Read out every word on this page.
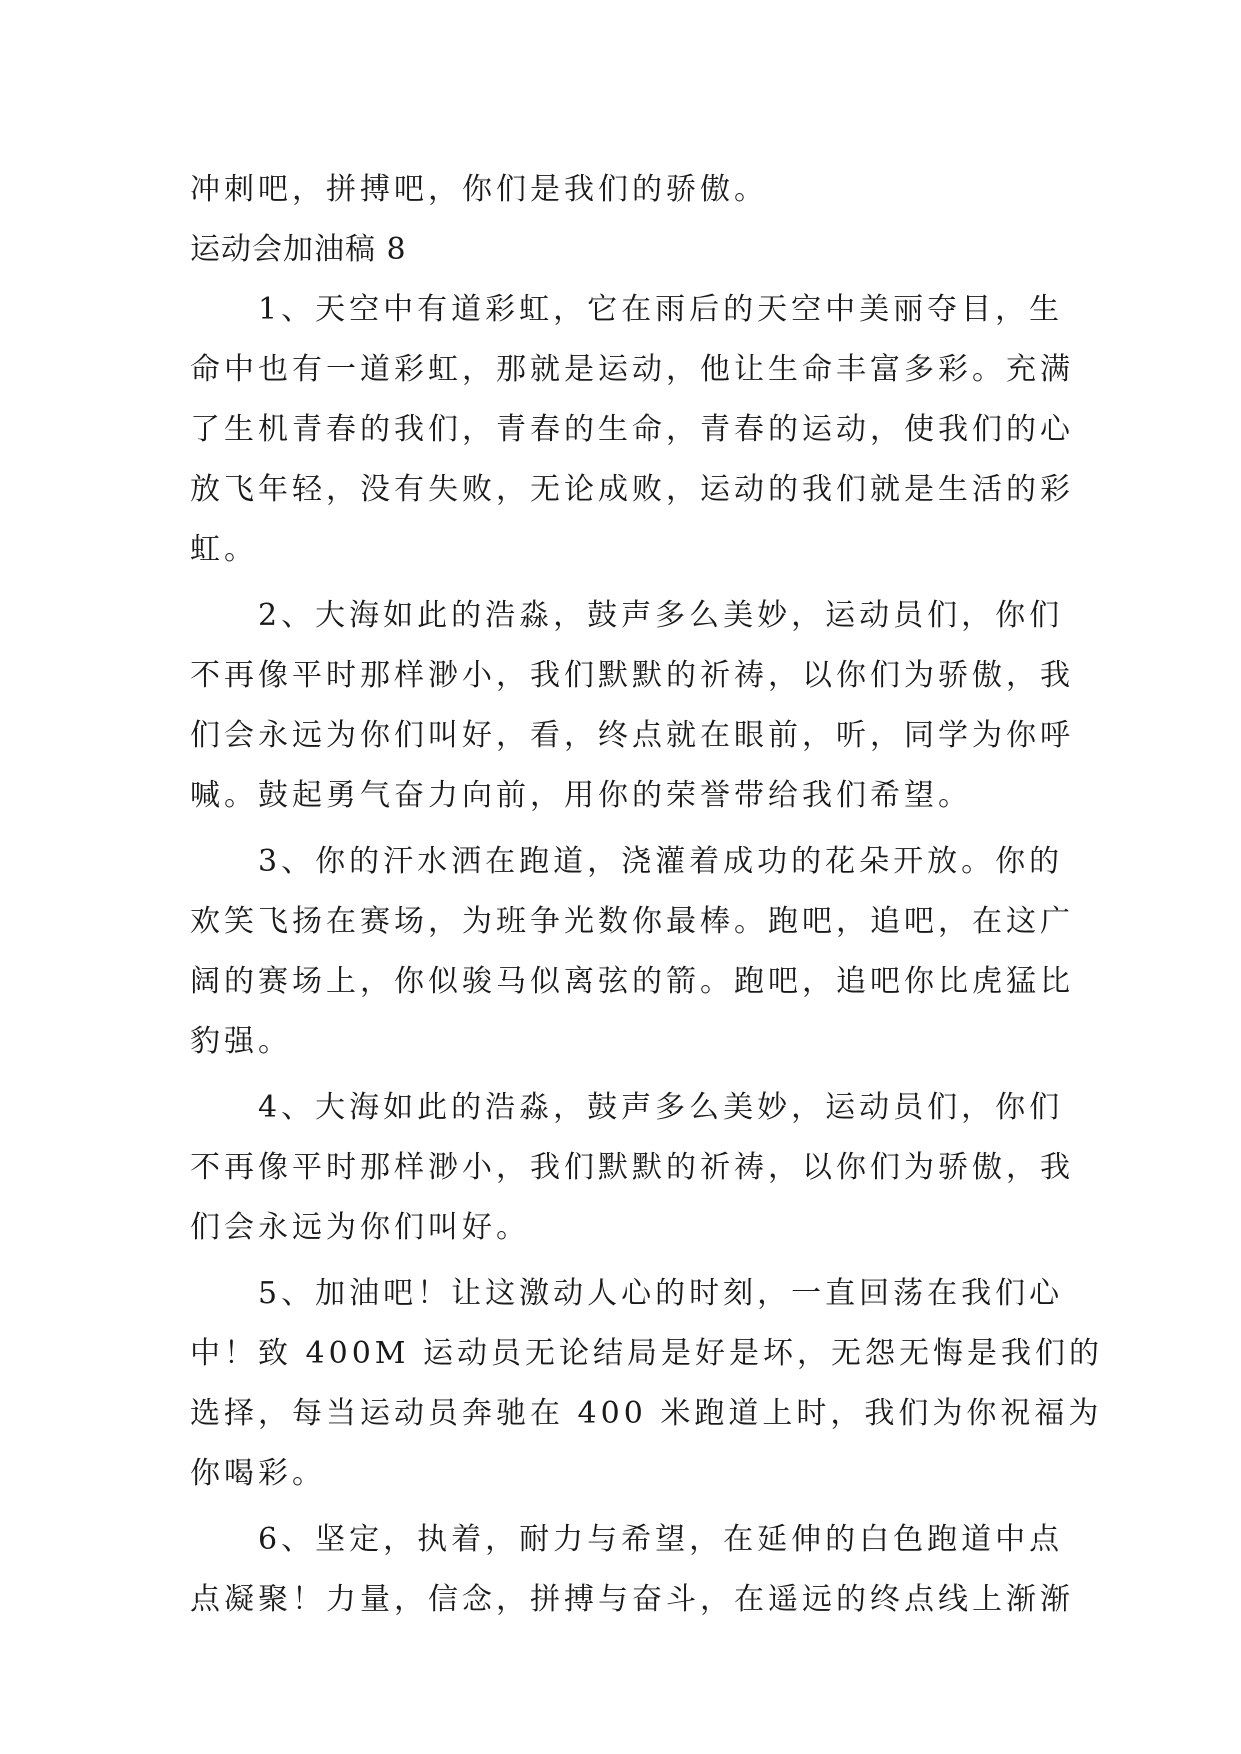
冲刺吧，拼搏吧，你们是我们的骄傲。

运动会加油稿 8

1、天空中有道彩虹，它在雨后的天空中美丽夺目，生

命中也有一道彩虹，那就是运动，他让生命丰富多彩。充满

了生机青春的我们，青春的生命，青春的运动，使我们的心

放飞年轻，没有失败，无论成败，运动的我们就是生活的彩

虹。

2、大海如此的浩淼，鼓声多么美妙，运动员们，你们

不再像平时那样渺小，我们默默的祈祷，以你们为骄傲，我

们会永远为你们叫好，看，终点就在眼前，听，同学为你呼

喊。鼓起勇气奋力向前，用你的荣誉带给我们希望。

3、你的汗水洒在跑道，浇灌着成功的花朵开放。你的

欢笑飞扬在赛场，为班争光数你最棒。跑吧，追吧，在这广

阔的赛场上，你似骏马似离弦的箭。跑吧，追吧你比虎猛比

豹强。

4、大海如此的浩淼，鼓声多么美妙，运动员们，你们

不再像平时那样渺小，我们默默的祈祷，以你们为骄傲，我

们会永远为你们叫好。

5、加油吧！让这激动人心的时刻，一直回荡在我们心

中！致 400M 运动员无论结局是好是坏，无怨无悔是我们的

选择，每当运动员奔驰在 400 米跑道上时，我们为你祝福为

你喝彩。

6、坚定，执着，耐力与希望，在延伸的白色跑道中点

点凝聚！力量，信念，拼搏与奋斗，在遥远的终点线上渐渐
